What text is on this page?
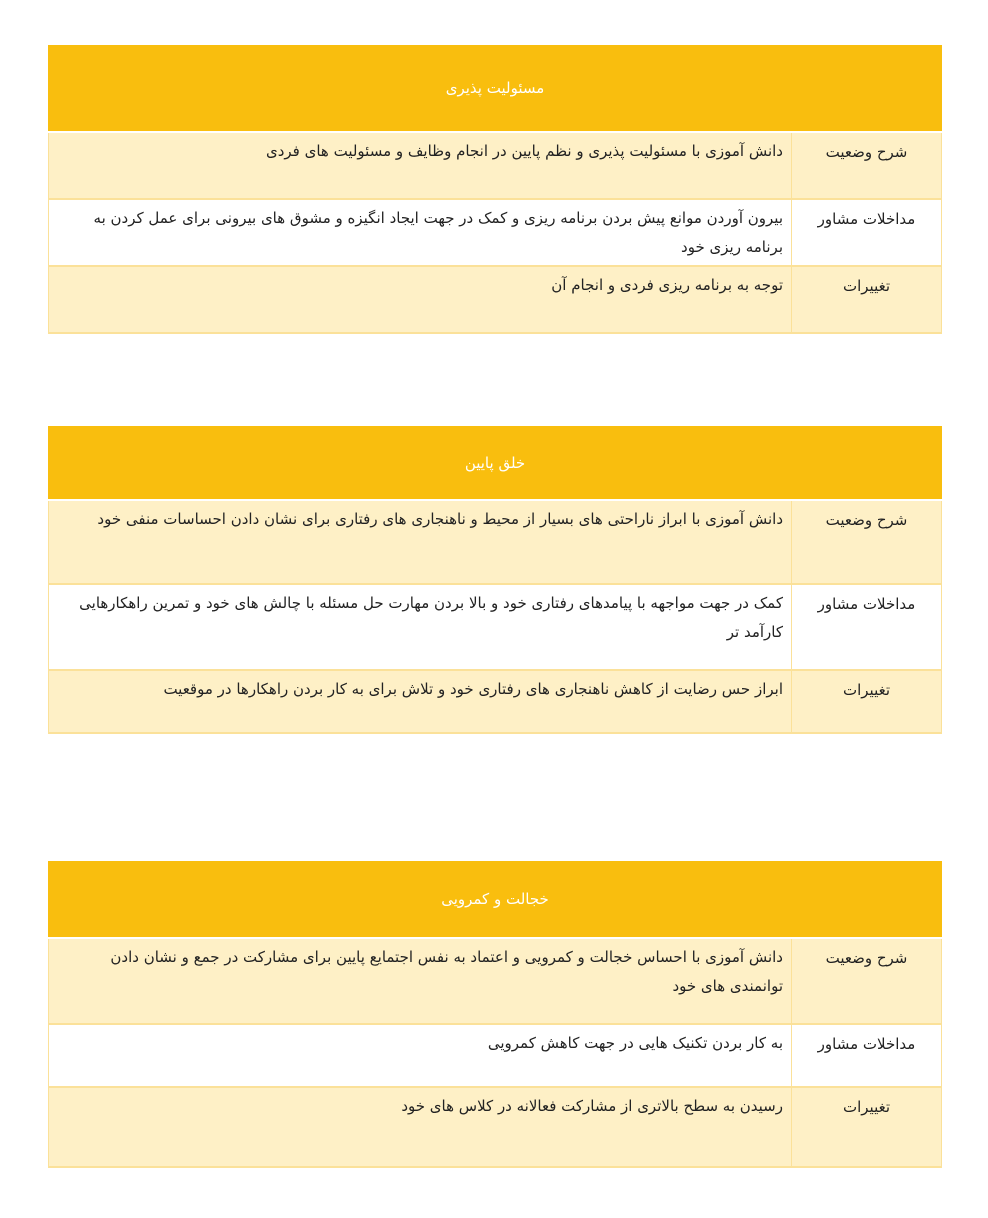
مسئولیت پذیری
شرح وضعیت
دانش آموزی با مسئولیت پذیری و نظم پایین در انجام وظایف و مسئولیت های فردی
مداخلات مشاور
بیرون آوردن موانع پیش بردن برنامه ریزی و کمک در جهت ایجاد انگیزه و مشوق های بیرونی برای عمل کردن به برنامه ریزی خود
تغییرات
توجه به برنامه ریزی فردی و انجام آن
خلق پایین
شرح وضعیت
دانش آموزی با ابراز ناراحتی های بسیار از محیط و ناهنجاری های رفتاری برای نشان دادن احساسات منفی خود
مداخلات مشاور
کمک در جهت مواجهه با پیامدهای رفتاری خود و بالا بردن مهارت حل مسئله با چالش های خود و تمرین راهکارهایی کارآمد تر
تغییرات
ابراز حس رضایت از کاهش ناهنجاری های رفتاری خود و تلاش برای به کار بردن راهکارها در موقعیت
خجالت و کمرویی
شرح وضعیت
دانش آموزی با احساس خجالت و کمرویی و اعتماد به نفس اجتمایع پایین برای مشارکت در جمع و نشان دادن توانمندی های خود
مداخلات مشاور
به کار بردن تکنیک هایی در جهت کاهش کمرویی
تغییرات
رسیدن به سطح بالاتری از مشارکت فعالانه در کلاس های خود
